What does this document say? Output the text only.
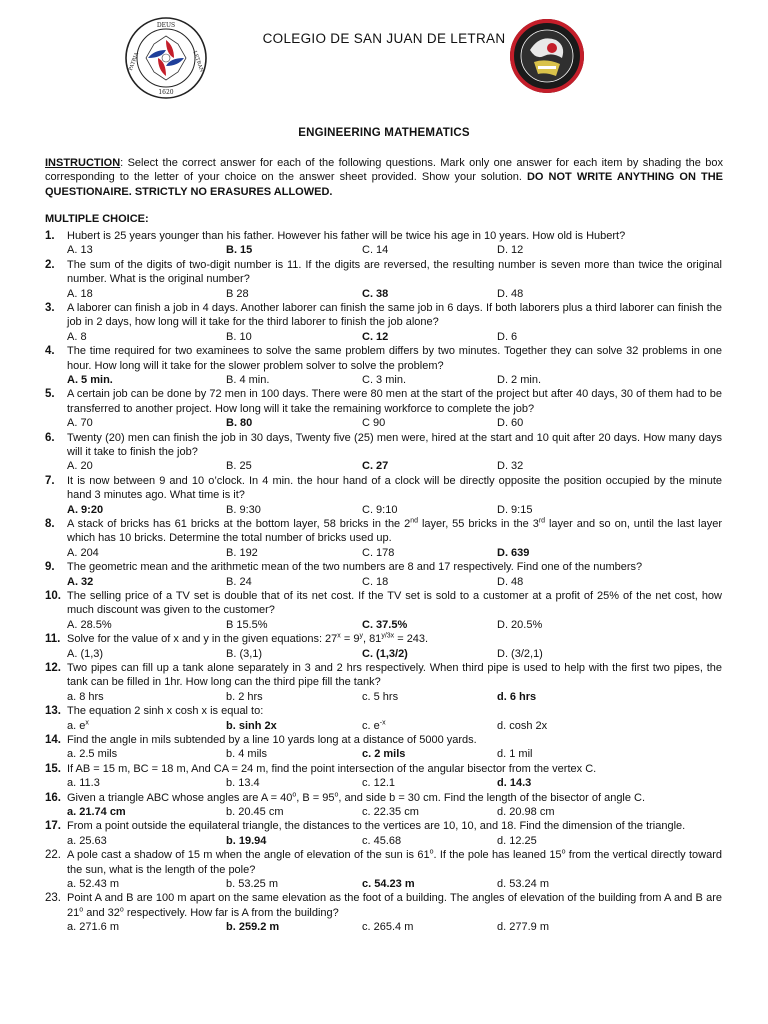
DEUS
PATRIA	LETRAN
1620
COLEGIO DE SAN JUAN DE LETRAN
ENGINEERING MATHEMATICS
INSTRUCTION: Select the correct answer for each of the following questions. Mark only one answer for each item by shading the box corresponding to the letter of your choice on the answer sheet provided. Show your solution. DO NOT WRITE ANYTHING ON THE QUESTIONAIRE. STRICTLY NO ERASURES ALLOWED.
MULTIPLE CHOICE:
1. Hubert is 25 years younger than his father. However his father will be twice his age in 10 years. How old is Hubert?
A. 13	B. 15	C. 14	D. 12
2. The sum of the digits of two-digit number is 11. If the digits are reversed, the resulting number is seven more than twice the original number. What is the original number?
A. 18	B 28	C. 38	D. 48
3. A laborer can finish a job in 4 days. Another laborer can finish the same job in 6 days. If both laborers plus a third laborer can finish the job in 2 days, how long will it take for the third laborer to finish the job alone?
A. 8	B. 10	C. 12	D. 6
4. The time required for two examinees to solve the same problem differs by two minutes. Together they can solve 32 problems in one hour. How long will it take for the slower problem solver to solve the problem?
A. 5 min.	B. 4 min.	C. 3 min.	D. 2 min.
5. A certain job can be done by 72 men in 100 days. There were 80 men at the start of the project but after 40 days, 30 of them had to be transferred to another project. How long will it take the remaining workforce to complete the job?
A. 70	B. 80	C 90	D. 60
6. Twenty (20) men can finish the job in 30 days, Twenty five (25) men were, hired at the start and 10 quit after 20 days. How many days will it take to finish the job?
A. 20	B. 25	C. 27	D. 32
7. It is now between 9 and 10 o’clock. In 4 min. the hour hand of a clock will be directly opposite the position occupied by the minute hand 3 minutes ago. What time is it?
A. 9:20	B. 9:30	C. 9:10	D. 9:15
8. A stack of bricks has 61 bricks at the bottom layer, 58 bricks in the 2nd layer, 55 bricks in the 3rd layer and so on, until the last layer which has 10 bricks. Determine the total number of bricks used up.
A. 204	B. 192	C. 178	D. 639
9. The geometric mean and the arithmetic mean of the two numbers are 8 and 17 respectively. Find one of the numbers?
A. 32	B. 24	C. 18	D. 48
10. The selling price of a TV set is double that of its net cost. If the TV set is sold to a customer at a profit of 25% of the net cost, how much discount was given to the customer?
A. 28.5%	B 15.5%	C. 37.5%	D. 20.5%
11. Solve for the value of x and y in the given equations: $27^x = 9^y$, $81^{y/3x} = 243$.
A. (1,3)	B. (3,1)	C. (1,3/2)	D. (3/2,1)
12. Two pipes can fill up a tank alone separately in 3 and 2 hrs respectively. When third pipe is used to help with the first two pipes, the tank can be filled in 1hr. How long can the third pipe fill the tank?
a. 8 hrs	b. 2 hrs	c. 5 hrs	d. 6 hrs
13. The equation 2 sinh x cosh x is equal to:
a. $e^x$	b. sinh 2x	c. $e^{-x}$	d. cosh 2x
14. Find the angle in mils subtended by a line 10 yards long at a distance of 5000 yards.
a. 2.5 mils	b. 4 mils	c. 2 mils	d. 1 mil
15. If AB = 15 m, BC = 18 m, And CA = 24 m, find the point intersection of the angular bisector from the vertex C.
a. 11.3	b. 13.4	c. 12.1	d. 14.3
16. Given a triangle ABC whose angles are $A = 40^o$, $B = 95^o$, and side b = 30 cm. Find the length of the bisector of angle C.
a. 21.74 cm	b. 20.45 cm	c. 22.35 cm	d. 20.98 cm
17. From a point outside the equilateral triangle, the distances to the vertices are 10, 10, and 18. Find the dimension of the triangle.
a. 25.63	b. 19.94	c. 45.68	d. 12.25
22. A pole cast a shadow of 15 m when the angle of elevation of the sun is 61$^o$. If the pole has leaned 15$^o$ from the vertical directly toward the sun, what is the length of the pole?
a. 52.43 m	b. 53.25 m	c. 54.23 m	d. 53.24 m
23. Point A and B are 100 m apart on the same elevation as the foot of a building. The angles of elevation of the building from A and B are 21$^o$ and 32$^o$ respectively. How far is A from the building?
a. 271.6 m	b. 259.2 m	c. 265.4 m	d. 277.9 m
